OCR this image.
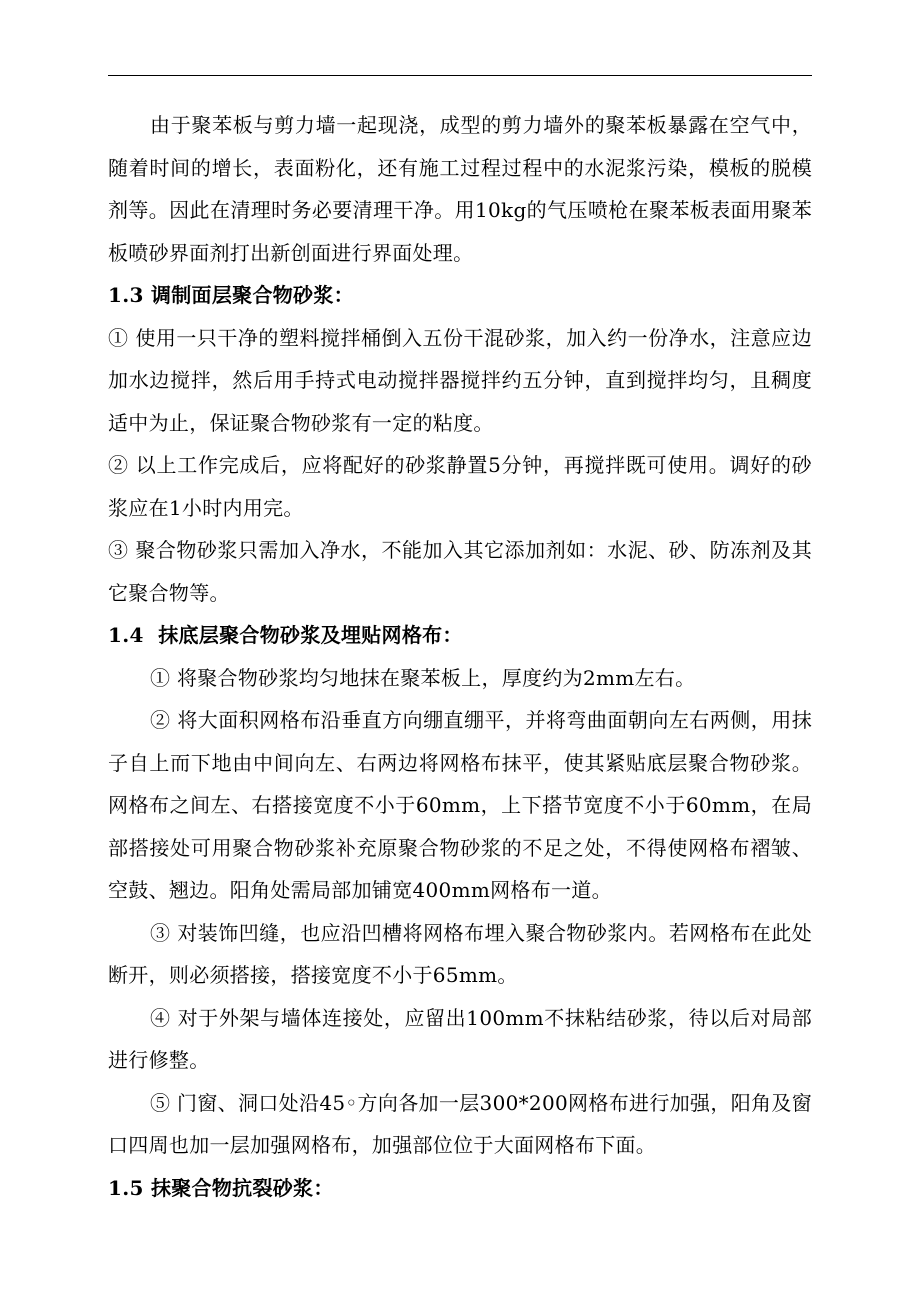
由于聚苯板与剪力墙一起现浇，成型的剪力墙外的聚苯板暴露在空气中，随着时间的增长，表面粉化，还有施工过程过程中的水泥浆污染，模板的脱模剂等。因此在清理时务必要清理干净。用10kg的气压喷枪在聚苯板表面用聚苯板喷砂界面剂打出新创面进行界面处理。

1.3 调制面层聚合物砂浆：

① 使用一只干净的塑料搅拌桶倒入五份干混砂浆，加入约一份净水，注意应边加水边搅拌，然后用手持式电动搅拌器搅拌约五分钟，直到搅拌均匀，且稠度适中为止，保证聚合物砂浆有一定的粘度。

② 以上工作完成后，应将配好的砂浆静置5分钟，再搅拌既可使用。调好的砂浆应在1小时内用完。

③ 聚合物砂浆只需加入净水，不能加入其它添加剂如：水泥、砂、防冻剂及其它聚合物等。

1.4  抹底层聚合物砂浆及埋贴网格布：

① 将聚合物砂浆均匀地抹在聚苯板上，厚度约为2mm左右。

② 将大面积网格布沿垂直方向绷直绷平，并将弯曲面朝向左右两侧，用抹子自上而下地由中间向左、右两边将网格布抹平，使其紧贴底层聚合物砂浆。网格布之间左、右搭接宽度不小于60mm，上下搭节宽度不小于60mm，在局部搭接处可用聚合物砂浆补充原聚合物砂浆的不足之处，不得使网格布褶皱、空鼓、翘边。阳角处需局部加铺宽400mm网格布一道。

③ 对装饰凹缝，也应沿凹槽将网格布埋入聚合物砂浆内。若网格布在此处断开，则必须搭接，搭接宽度不小于65mm。

④ 对于外架与墙体连接处，应留出100mm不抹粘结砂浆，待以后对局部进行修整。

⑤ 门窗、洞口处沿45◦方向各加一层300*200网格布进行加强，阳角及窗口四周也加一层加强网格布，加强部位位于大面网格布下面。

1.5 抹聚合物抗裂砂浆：
